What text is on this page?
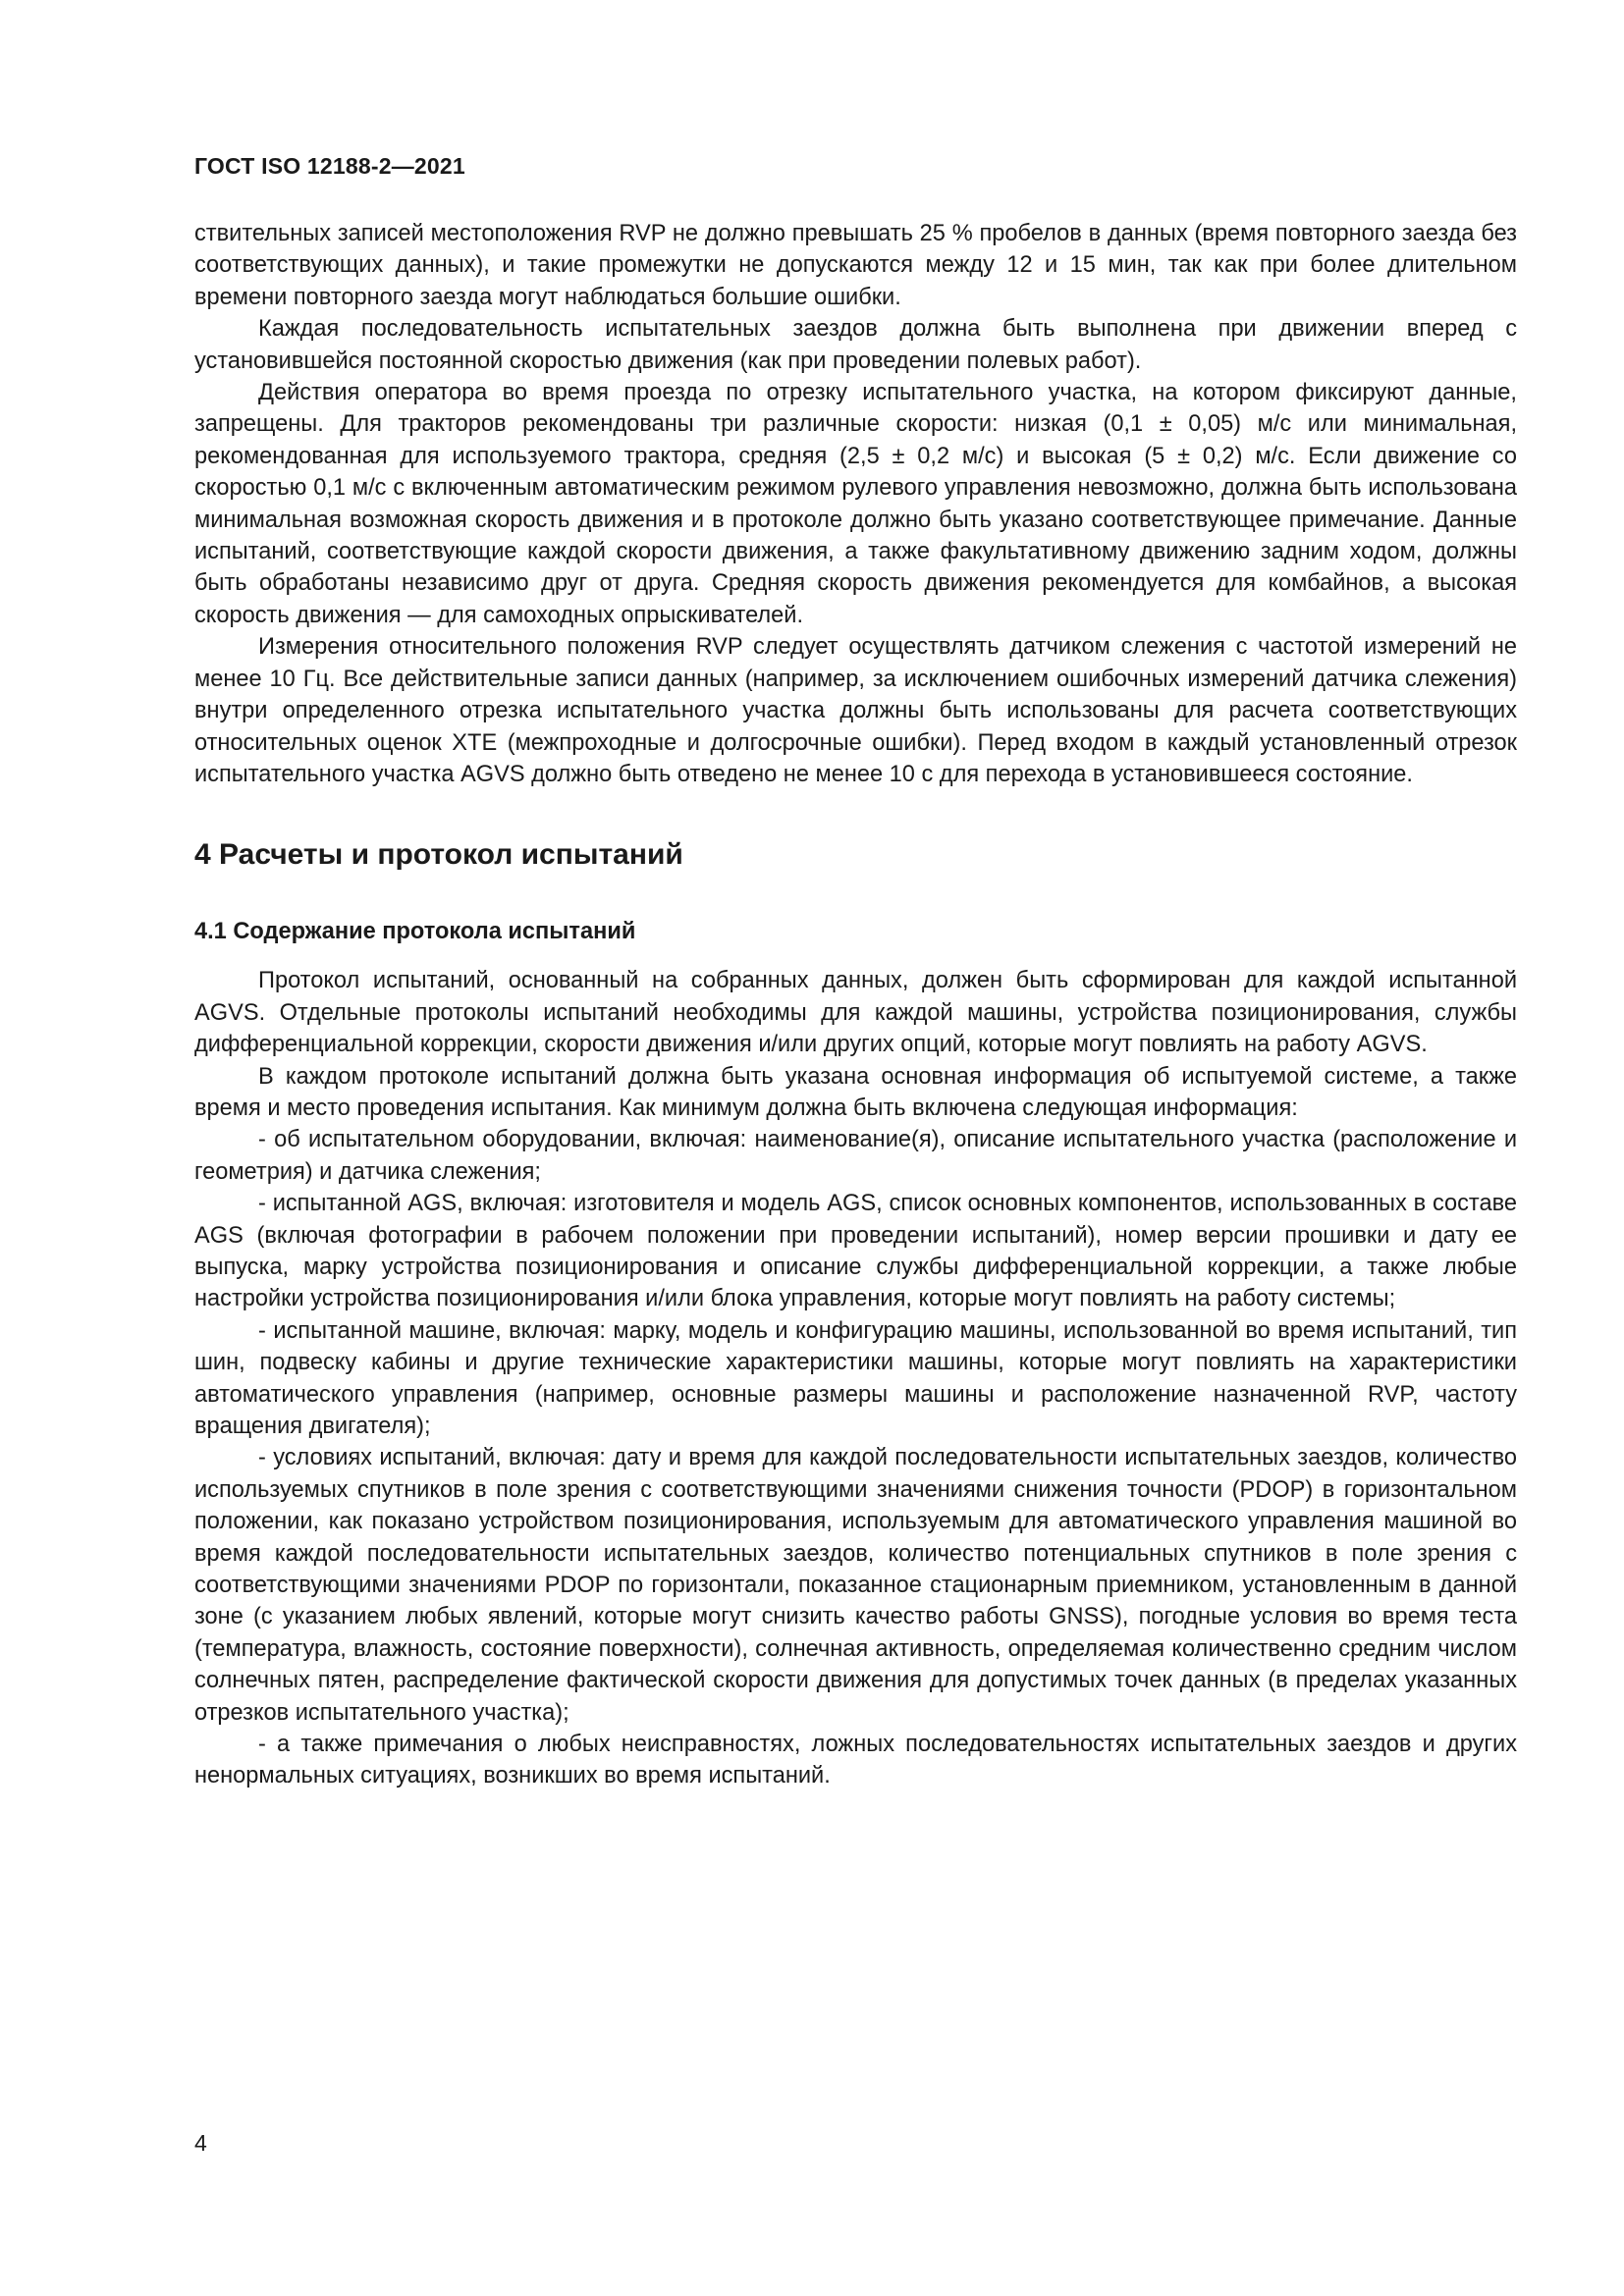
ГОСТ ISO 12188-2—2021

ствительных записей местоположения RVP не должно превышать 25 % пробелов в данных (время повторного заезда без соответствующих данных), и такие промежутки не допускаются между 12 и 15 мин, так как при более длительном времени повторного заезда могут наблюдаться большие ошибки.

Каждая последовательность испытательных заездов должна быть выполнена при движении вперед с установившейся постоянной скоростью движения (как при проведении полевых работ).

Действия оператора во время проезда по отрезку испытательного участка, на котором фиксируют данные, запрещены. Для тракторов рекомендованы три различные скорости: низкая (0,1 ± 0,05) м/с или минимальная, рекомендованная для используемого трактора, средняя (2,5 ± 0,2 м/с) и высокая (5 ± 0,2) м/с. Если движение со скоростью 0,1 м/с с включенным автоматическим режимом рулевого управления невозможно, должна быть использована минимальная возможная скорость движения и в протоколе должно быть указано соответствующее примечание. Данные испытаний, соответствующие каждой скорости движения, а также факультативному движению задним ходом, должны быть обработаны независимо друг от друга. Средняя скорость движения рекомендуется для комбайнов, а высокая скорость движения — для самоходных опрыскивателей.

Измерения относительного положения RVP следует осуществлять датчиком слежения с частотой измерений не менее 10 Гц. Все действительные записи данных (например, за исключением ошибочных измерений датчика слежения) внутри определенного отрезка испытательного участка должны быть использованы для расчета соответствующих относительных оценок XTE (межпроходные и долгосрочные ошибки). Перед входом в каждый установленный отрезок испытательного участка AGVS должно быть отведено не менее 10 с для перехода в установившееся состояние.

4 Расчеты и протокол испытаний
4.1 Содержание протокола испытаний

Протокол испытаний, основанный на собранных данных, должен быть сформирован для каждой испытанной AGVS. Отдельные протоколы испытаний необходимы для каждой машины, устройства позиционирования, службы дифференциальной коррекции, скорости движения и/или других опций, которые могут повлиять на работу AGVS.

В каждом протоколе испытаний должна быть указана основная информация об испытуемой системе, а также время и место проведения испытания. Как минимум должна быть включена следующая информация:

- об испытательном оборудовании, включая: наименование(я), описание испытательного участка (расположение и геометрия) и датчика слежения;

- испытанной AGS, включая: изготовителя и модель AGS, список основных компонентов, использованных в составе AGS (включая фотографии в рабочем положении при проведении испытаний), номер версии прошивки и дату ее выпуска, марку устройства позиционирования и описание службы дифференциальной коррекции, а также любые настройки устройства позиционирования и/или блока управления, которые могут повлиять на работу системы;

- испытанной машине, включая: марку, модель и конфигурацию машины, использованной во время испытаний, тип шин, подвеску кабины и другие технические характеристики машины, которые могут повлиять на характеристики автоматического управления (например, основные размеры машины и расположение назначенной RVP, частоту вращения двигателя);

- условиях испытаний, включая: дату и время для каждой последовательности испытательных заездов, количество используемых спутников в поле зрения с соответствующими значениями снижения точности (PDOP) в горизонтальном положении, как показано устройством позиционирования, используемым для автоматического управления машиной во время каждой последовательности испытательных заездов, количество потенциальных спутников в поле зрения с соответствующими значениями PDOP по горизонтали, показанное стационарным приемником, установленным в данной зоне (с указанием любых явлений, которые могут снизить качество работы GNSS), погодные условия во время теста (температура, влажность, состояние поверхности), солнечная активность, определяемая количественно средним числом солнечных пятен, распределение фактической скорости движения для допустимых точек данных (в пределах указанных отрезков испытательного участка);

- а также примечания о любых неисправностях, ложных последовательностях испытательных заездов и других ненормальных ситуациях, возникших во время испытаний.

4
